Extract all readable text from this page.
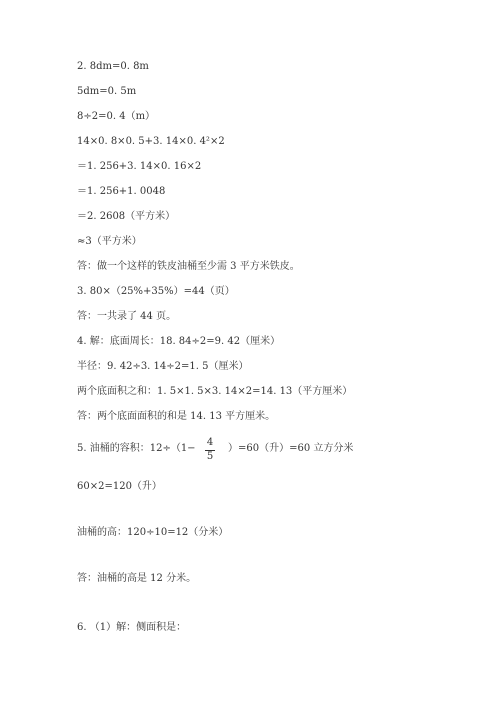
2. 8dm=0. 8m
5dm=0. 5m
8÷2=0. 4（m）
14×0. 8×0. 5+3. 14×0. 4²×2
＝1. 256+3. 14×0. 16×2
＝1. 256+1. 0048
＝2. 2608（平方米）
≈3（平方米）
答：做一个这样的铁皮油桶至少需 3 平方米铁皮。
3. 80×（25%+35%）=44（页）
答：一共录了 44 页。
4. 解：底面周长：18. 84÷2=9. 42（厘米）
半径：9. 42÷3. 14÷2=1. 5（厘米）
两个底面积之和：1. 5×1. 5×3. 14×2=14. 13（平方厘米）
答：两个底面面积的和是 14. 13 平方厘米。
5. 油桶的容积：12÷（1−
4
5
）=60（升）=60 立方分米
60×2=120（升）
油桶的高：120÷10=12（分米）
答：油桶的高是 12 分米。
6. （1）解：侧面积是：
